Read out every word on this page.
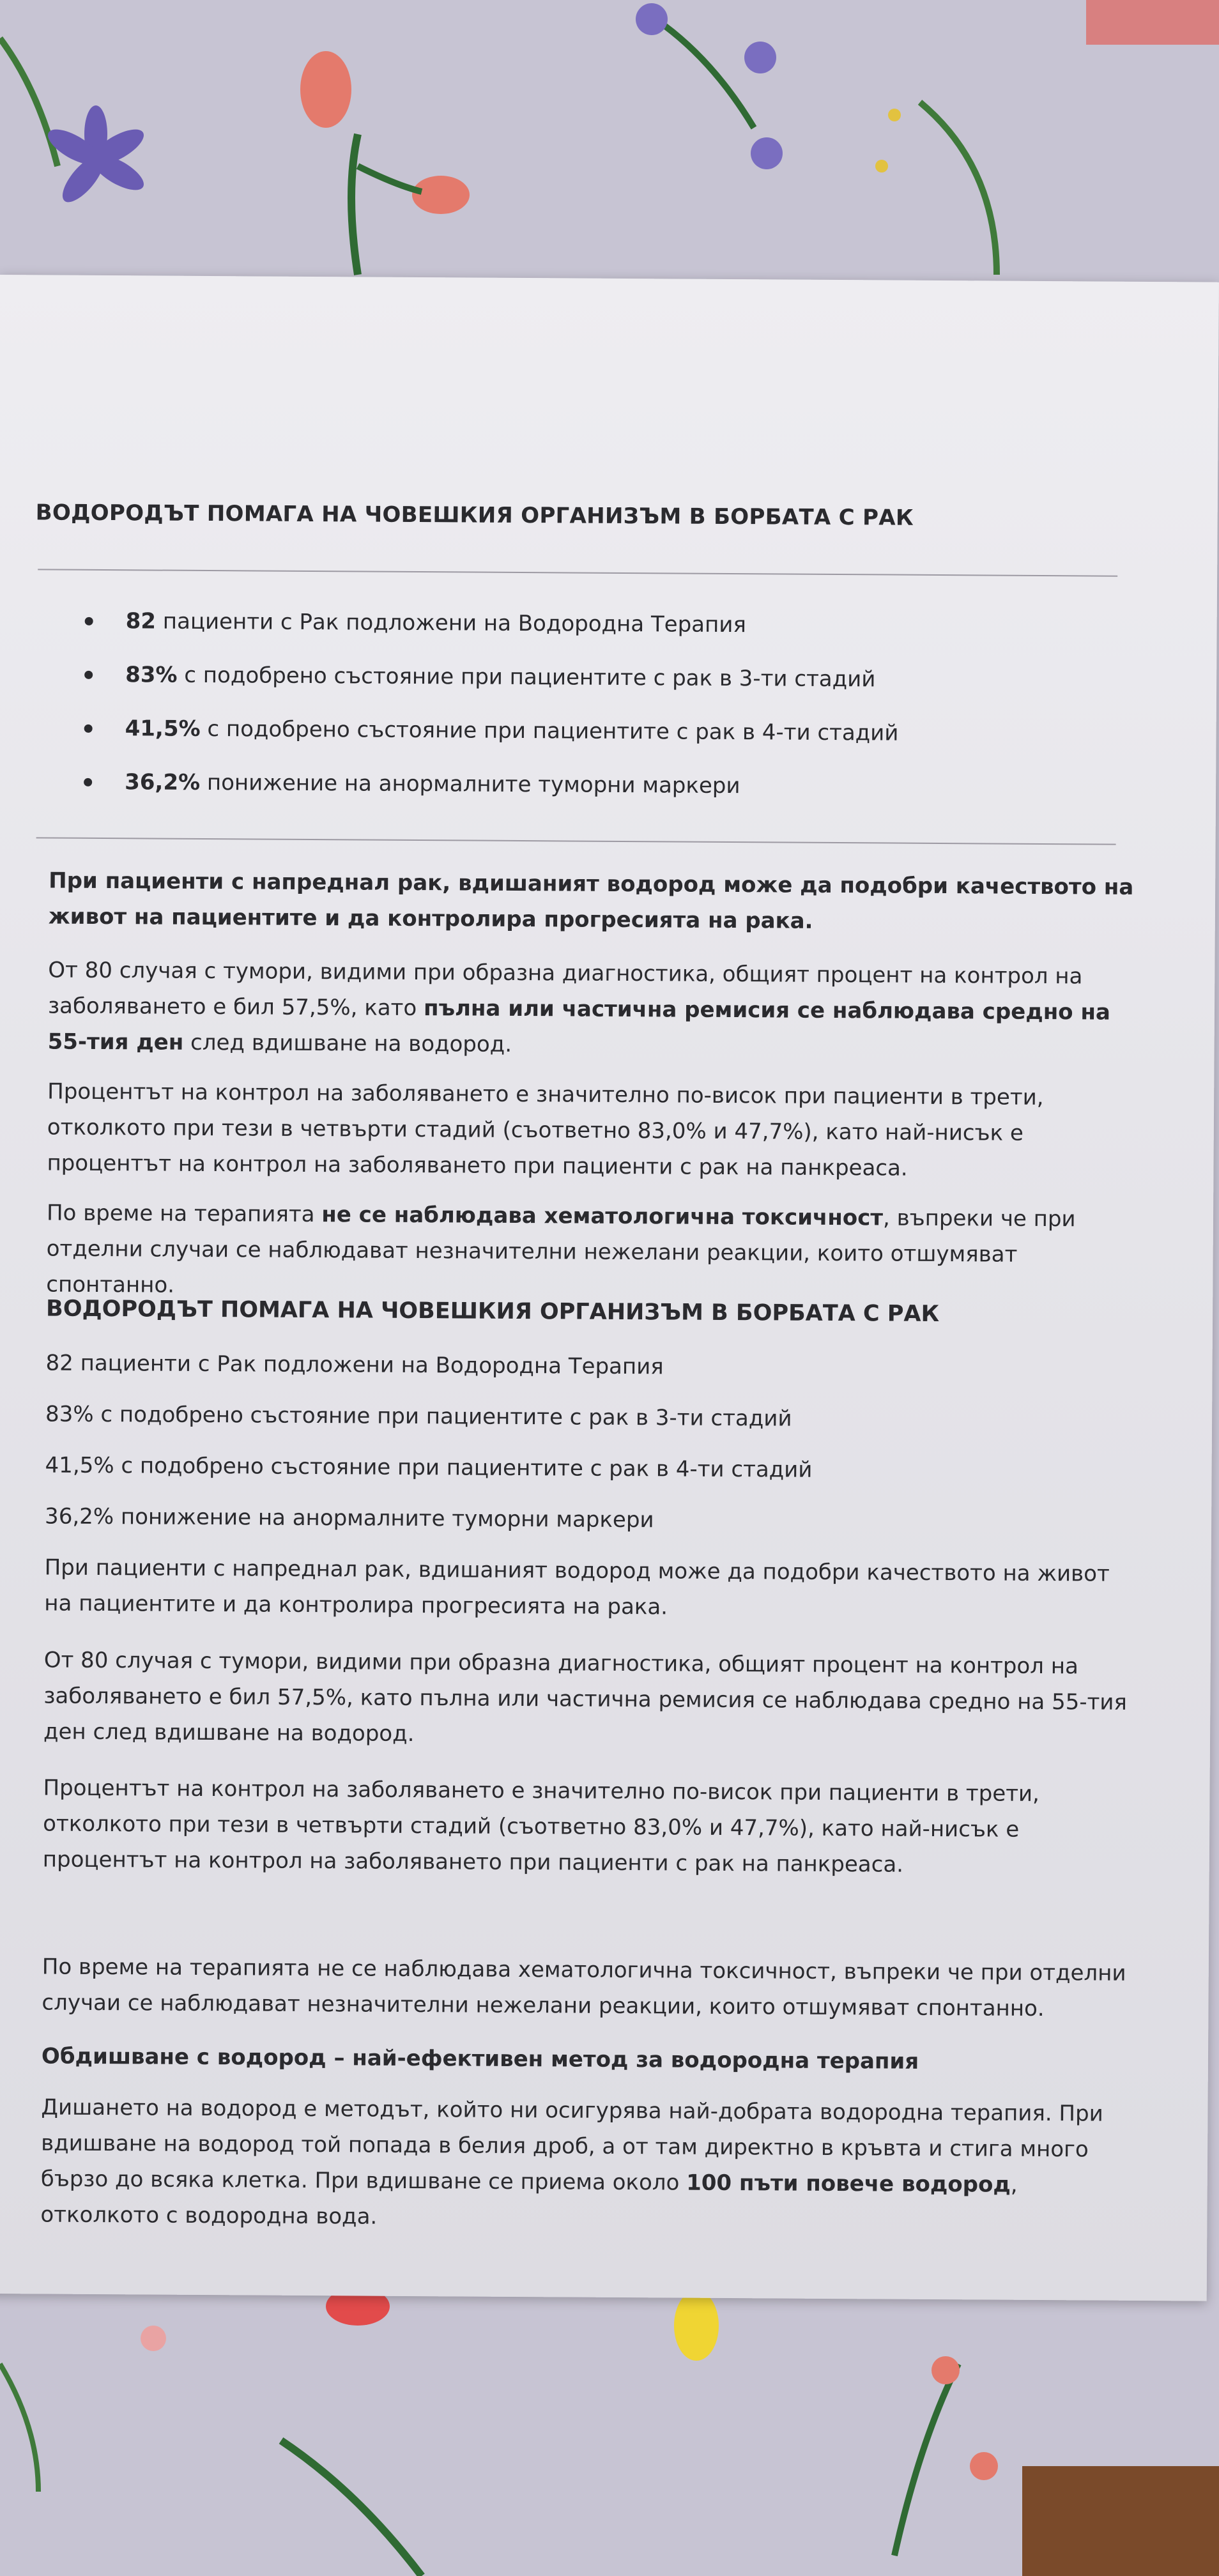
ВОДОРОДЪТ ПОМАГА НА ЧОВЕШКИЯ ОРГАНИЗЪМ В БОРБАТА С РАК
82 пациенти с Рак подложени на Водородна Терапия
83% с подобрено състояние при пациентите с рак в 3-ти стадий
41,5% с подобрено състояние при пациентите с рак в 4-ти стадий
36,2% понижение на анормалните туморни маркери

При пациенти с напреднал рак, вдишаният водород може да подобри качеството на живот на пациентите и да контролира прогресията на рака.

От 80 случая с тумори, видими при образна диагностика, общият процент на контрол на заболяването е бил 57,5%, като пълна или частична ремисия се наблюдава средно на 55-тия ден след вдишване на водород.

Процентът на контрол на заболяването е значително по-висок при пациенти в трети, отколкото при тези в четвърти стадий (съответно 83,0% и 47,7%), като най-нисък е процентът на контрол на заболяването при пациенти с рак на панкреаса.

По време на терапията не се наблюдава хематологична токсичност, въпреки че при отделни случаи се наблюдават незначителни нежелани реакции, които отшумяват спонтанно.

ВОДОРОДЪТ ПОМАГА НА ЧОВЕШКИЯ ОРГАНИЗЪМ В БОРБАТА С РАК

82 пациенти с Рак подложени на Водородна Терапия

83% с подобрено състояние при пациентите с рак в 3-ти стадий

41,5% с подобрено състояние при пациентите с рак в 4-ти стадий

36,2% понижение на анормалните туморни маркери

При пациенти с напреднал рак, вдишаният водород може да подобри качеството на живот на пациентите и да контролира прогресията на рака.

От 80 случая с тумори, видими при образна диагностика, общият процент на контрол на заболяването е бил 57,5%, като пълна или частична ремисия се наблюдава средно на 55-тия ден след вдишване на водород.

Процентът на контрол на заболяването е значително по-висок при пациенти в трети, отколкото при тези в четвърти стадий (съответно 83,0% и 47,7%), като най-нисък е процентът на контрол на заболяването при пациенти с рак на панкреаса.

По време на терапията не се наблюдава хематологична токсичност, въпреки че при отделни случаи се наблюдават незначителни нежелани реакции, които отшумяват спонтанно.

Обдишване с водород – най-ефективен метод за водородна терапия

Дишането на водород е методът, който ни осигурява най-добрата водородна терапия. При вдишване на водород той попада в белия дроб, а от там директно в кръвта и стига много бързо до всяка клетка. При вдишване се приема около 100 пъти повече водород, отколкото с водородна вода.
